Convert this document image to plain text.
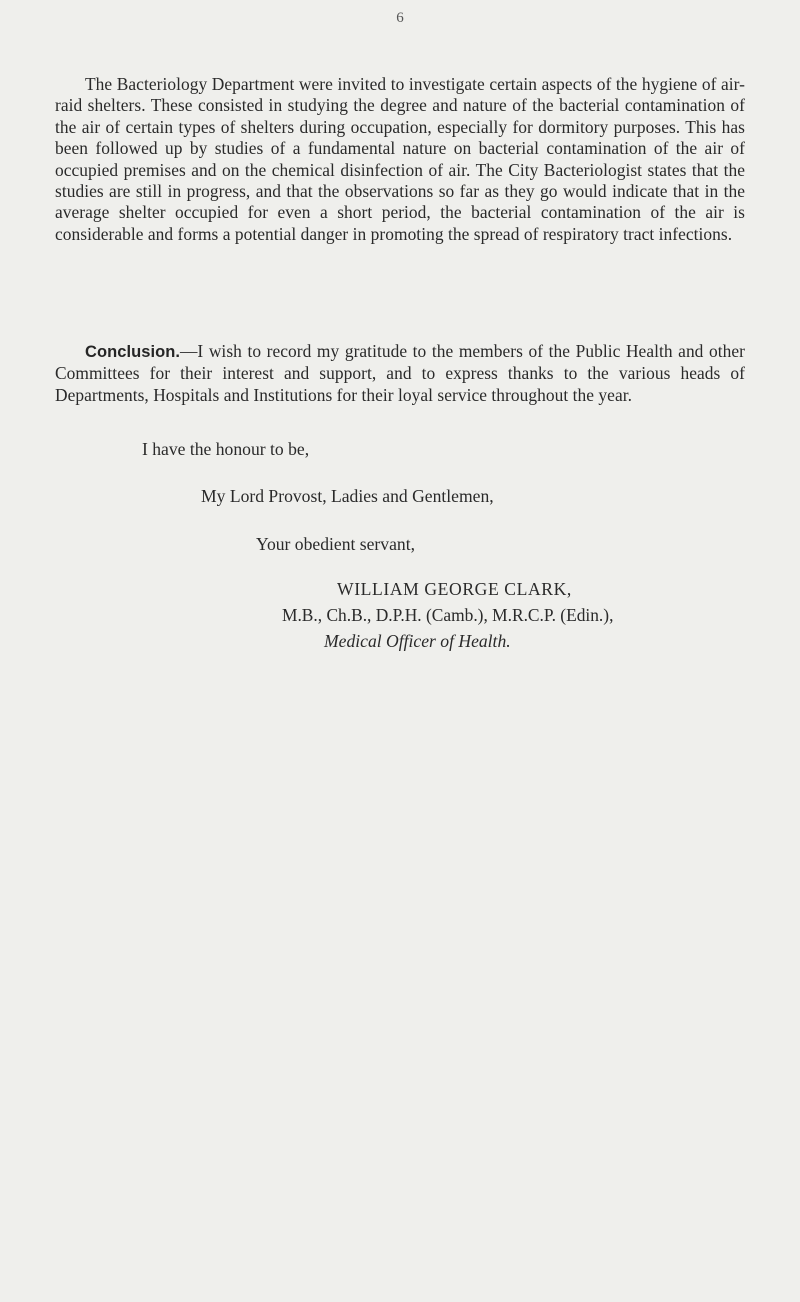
6

The Bacteriology Department were invited to investigate certain aspects of the hygiene of air-raid shelters. These consisted in studying the degree and nature of the bacterial contamination of the air of certain types of shelters during occupation, especially for dormitory purposes. This has been followed up by studies of a fundamental nature on bacterial contamination of the air of occupied premises and on the chemical disinfection of air. The City Bacteriologist states that the studies are still in progress, and that the observations so far as they go would indicate that in the average shelter occupied for even a short period, the bacterial contamination of the air is considerable and forms a potential danger in promoting the spread of respiratory tract infections.

Conclusion.—I wish to record my gratitude to the members of the Public Health and other Committees for their interest and support, and to express thanks to the various heads of Departments, Hospitals and Institutions for their loyal service throughout the year.

I have the honour to be,
My Lord Provost, Ladies and Gentlemen,
Your obedient servant,
WILLIAM GEORGE CLARK,
M.B., Ch.B., D.P.H. (Camb.), M.R.C.P. (Edin.),
Medical Officer of Health.
